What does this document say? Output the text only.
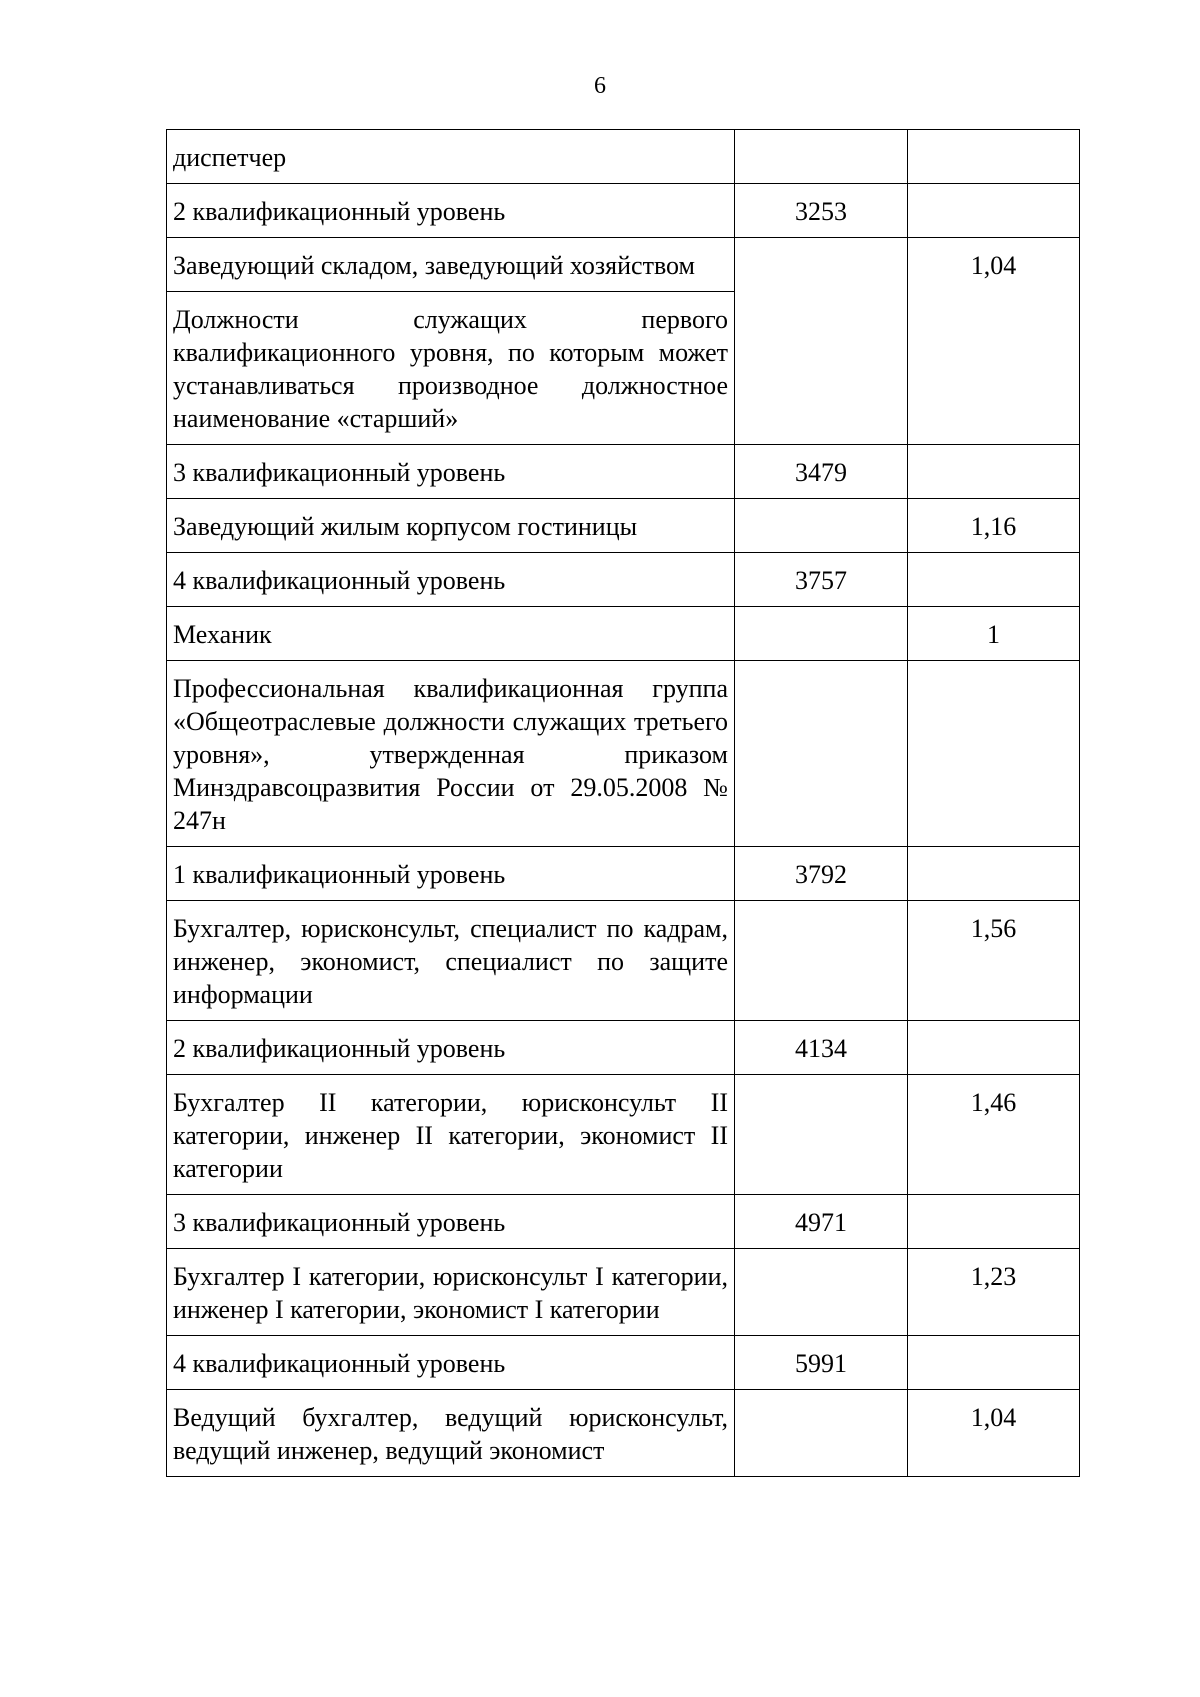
6
диспетчер		
2 квалификационный уровень	3253	
Заведующий складом, заведующий хозяйством		1,04
Должности служащих первого квалификационного уровня, по которым может устанавливаться производное должностное наименование «старший»		
3 квалификационный уровень	3479	
Заведующий жилым корпусом гостиницы		1,16
4 квалификационный уровень	3757	
Механик		1
Профессиональная квалификационная группа «Общеотраслевые должности служащих третьего уровня», утвержденная приказом Минздравсоцразвития России от 29.05.2008 № 247н		
1 квалификационный уровень	3792	
Бухгалтер, юрисконсульт, специалист по кадрам, инженер, экономист, специалист по защите информации		1,56
2 квалификационный уровень	4134	
Бухгалтер II категории, юрисконсульт II категории, инженер II категории, экономист II категории		1,46
3 квалификационный уровень	4971	
Бухгалтер I категории, юрисконсульт I категории, инженер I категории, экономист I категории		1,23
4 квалификационный уровень	5991	
Ведущий бухгалтер, ведущий юрисконсульт, ведущий инженер, ведущий экономист		1,04
